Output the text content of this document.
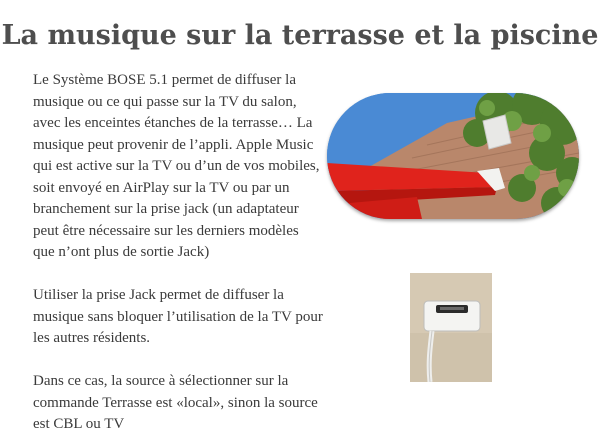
La musique sur la terrasse et la piscine

Le Système BOSE 5.1 permet de diffuser la musique ou ce qui passe sur la TV du salon, avec les enceintes étanches de la terrasse… La musique peut provenir de l’appli. Apple Music qui est active sur la TV ou d’un de vos mobiles, soit envoyé en AirPlay sur la TV ou par un branchement sur la prise jack (un adaptateur peut être nécessaire sur les derniers modèles que n’ont plus de sortie Jack)

Utiliser la prise Jack permet de diffuser la musique sans bloquer l’utilisation de la TV pour les autres résidents.

Dans ce cas, la source à sélectionner sur la commande Terrasse est «local», sinon la source est CBL ou TV
